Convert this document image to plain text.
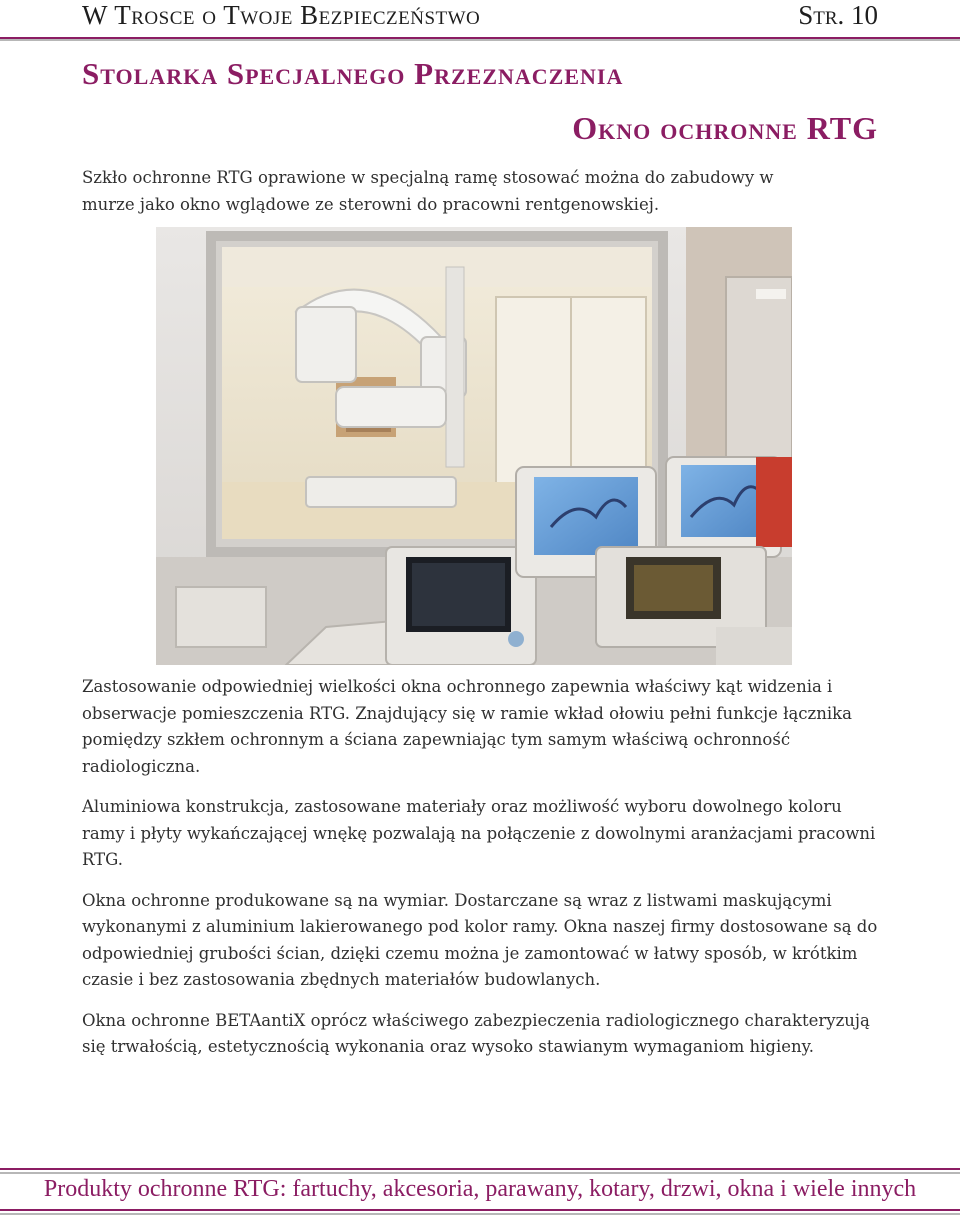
W Trosce o Twoje Bezpieczeństwo	Str. 10
Stolarka Specjalnego Przeznaczenia
Okno ochronne RTG
Szkło ochronne RTG oprawione w specjalną ramę stosować można do zabudowy w murze jako okno wglądowe ze sterowni do pracowni rentgenowskiej.

Zastosowanie odpowiedniej wielkości okna ochronnego zapewnia właściwy kąt widzenia i obserwacje pomieszczenia RTG. Znajdujący się w ramie wkład ołowiu pełni funkcje łącznika pomiędzy szkłem ochronnym a ściana zapewniając tym samym właściwą ochronność radiologiczna.

Aluminiowa konstrukcja, zastosowane materiały oraz możliwość wyboru dowolnego koloru ramy i płyty wykańczającej wnękę pozwalają na połączenie z dowolnymi aranżacjami pracowni RTG.

Okna ochronne produkowane są na wymiar. Dostarczane są wraz z listwami maskującymi wykonanymi z aluminium lakierowanego pod kolor ramy. Okna naszej firmy dostosowane są do odpowiedniej grubości ścian, dzięki czemu można je zamontować w łatwy sposób, w krótkim czasie i bez zastosowania zbędnych materiałów budowlanych.

Okna ochronne BETAantiX oprócz właściwego zabezpieczenia radiologicznego charakteryzują się trwałością, estetycznością wykonania oraz wysoko stawianym wymaganiom higieny.

Produkty ochronne RTG: fartuchy, akcesoria, parawany, kotary, drzwi, okna i wiele innych
